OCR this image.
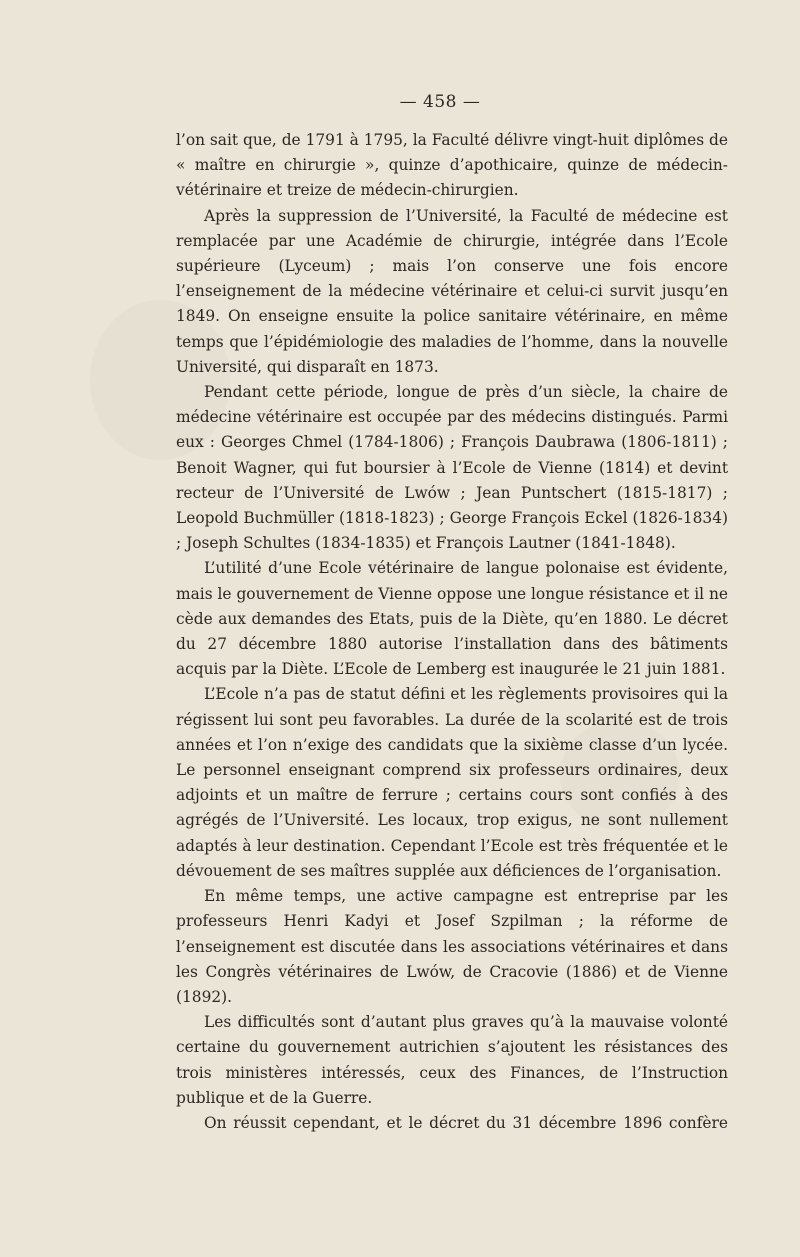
— 458 —

l’on sait que, de 1791 à 1795, la Faculté délivre vingt-huit diplômes de « maître en chirurgie », quinze d’apothicaire, quinze de médecin-vétérinaire et treize de médecin-chirurgien.

Après la suppression de l’Université, la Faculté de médecine est remplacée par une Académie de chirurgie, intégrée dans l’Ecole supérieure (Lyceum) ; mais l’on conserve une fois encore l’enseignement de la médecine vétérinaire et celui-ci survit jusqu’en 1849. On enseigne ensuite la police sanitaire vétérinaire, en même temps que l’épidémiologie des maladies de l’homme, dans la nouvelle Université, qui disparaît en 1873.

Pendant cette période, longue de près d’un siècle, la chaire de médecine vétérinaire est occupée par des médecins distingués. Parmi eux : Georges Chmel (1784-1806) ; François Daubrawa (1806-1811) ; Benoit Wagner, qui fut boursier à l’Ecole de Vienne (1814) et devint recteur de l’Université de Lwów ; Jean Puntschert (1815-1817) ; Leopold Buchmüller (1818-1823) ; George François Eckel (1826-1834) ; Joseph Schultes (1834-1835) et François Lautner (1841-1848).

L’utilité d’une Ecole vétérinaire de langue polonaise est évidente, mais le gouvernement de Vienne oppose une longue résistance et il ne cède aux demandes des Etats, puis de la Diète, qu’en 1880. Le décret du 27 décembre 1880 autorise l’installation dans des bâtiments acquis par la Diète. L’Ecole de Lemberg est inaugurée le 21 juin 1881.

L’Ecole n’a pas de statut défini et les règlements provisoires qui la régissent lui sont peu favorables. La durée de la scolarité est de trois années et l’on n’exige des candidats que la sixième classe d’un lycée. Le personnel enseignant comprend six professeurs ordinaires, deux adjoints et un maître de ferrure ; certains cours sont confiés à des agrégés de l’Université. Les locaux, trop exigus, ne sont nullement adaptés à leur destination. Cependant l’Ecole est très fréquentée et le dévouement de ses maîtres supplée aux déficiences de l’organisation.

En même temps, une active campagne est entreprise par les professeurs Henri Kadyi et Josef Szpilman ; la réforme de l’enseignement est discutée dans les associations vétérinaires et dans les Congrès vétérinaires de Lwów, de Cracovie (1886) et de Vienne (1892).

Les difficultés sont d’autant plus graves qu’à la mauvaise volonté certaine du gouvernement autrichien s’ajoutent les résistances des trois ministères intéressés, ceux des Finances, de l’Instruction publique et de la Guerre.

On réussit cependant, et le décret du 31 décembre 1896 confère
